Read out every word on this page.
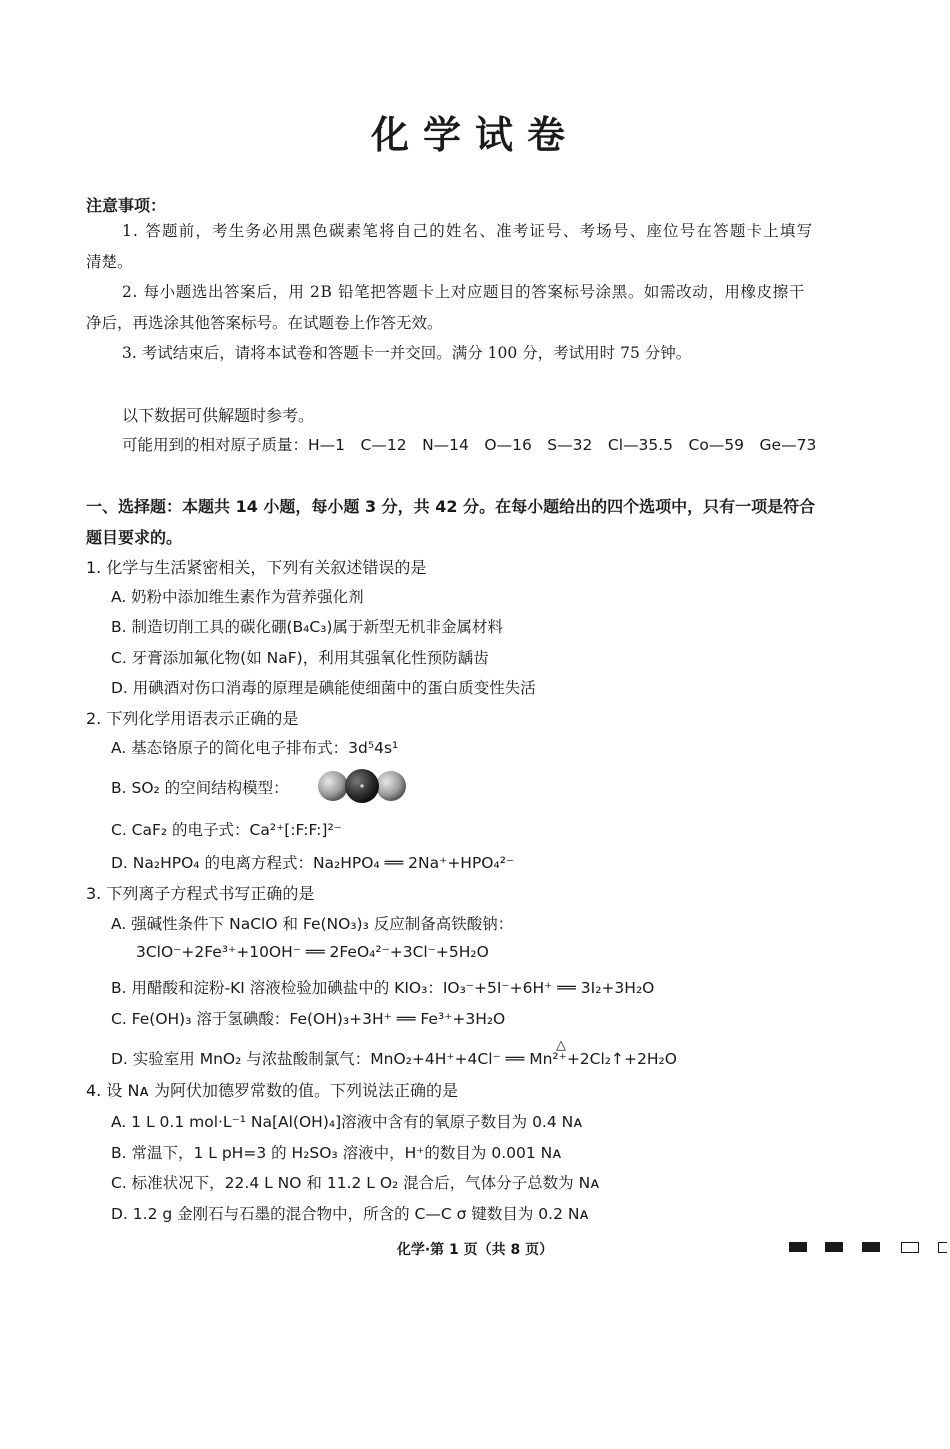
化学试卷
注意事项：
1. 答题前，考生务必用黑色碳素笔将自己的姓名、准考证号、考场号、座位号在答题卡上填写
清楚。
2. 每小题选出答案后，用 2B 铅笔把答题卡上对应题目的答案标号涂黑。如需改动，用橡皮擦干
净后，再选涂其他答案标号。在试题卷上作答无效。
3. 考试结束后，请将本试卷和答题卡一并交回。满分 100 分，考试用时 75 分钟。
以下数据可供解题时参考。
可能用到的相对原子质量：H—1　C—12　N—14　O—16　S—32　Cl—35.5　Co—59　Ge—73
一、选择题：本题共 14 小题，每小题 3 分，共 42 分。在每小题给出的四个选项中，只有一项是符合
题目要求的。
1. 化学与生活紧密相关，下列有关叙述错误的是
A. 奶粉中添加维生素作为营养强化剂
B. 制造切削工具的碳化硼(B₄C₃)属于新型无机非金属材料
C. 牙膏添加氟化物(如 NaF)，利用其强氧化性预防龋齿
D. 用碘酒对伤口消毒的原理是碘能使细菌中的蛋白质变性失活
2. 下列化学用语表示正确的是
A. 基态铬原子的简化电子排布式：3d⁵4s¹
B. SO₂ 的空间结构模型：
C. CaF₂ 的电子式：Ca²⁺[:F:F:]²⁻
D. Na₂HPO₄ 的电离方程式：Na₂HPO₄ ══ 2Na⁺+HPO₄²⁻
3. 下列离子方程式书写正确的是
A. 强碱性条件下 NaClO 和 Fe(NO₃)₃ 反应制备高铁酸钠：
3ClO⁻+2Fe³⁺+10OH⁻ ══ 2FeO₄²⁻+3Cl⁻+5H₂O
B. 用醋酸和淀粉-KI 溶液检验加碘盐中的 KIO₃：IO₃⁻+5I⁻+6H⁺ ══ 3I₂+3H₂O
C. Fe(OH)₃ 溶于氢碘酸：Fe(OH)₃+3H⁺ ══ Fe³⁺+3H₂O
△
D. 实验室用 MnO₂ 与浓盐酸制氯气：MnO₂+4H⁺+4Cl⁻ ══ Mn²⁺+2Cl₂↑+2H₂O
4. 设 Nᴀ 为阿伏加德罗常数的值。下列说法正确的是
A. 1 L 0.1 mol·L⁻¹ Na[Al(OH)₄]溶液中含有的氧原子数目为 0.4 Nᴀ
B. 常温下，1 L pH=3 的 H₂SO₃ 溶液中，H⁺的数目为 0.001 Nᴀ
C. 标准状况下，22.4 L NO 和 11.2 L O₂ 混合后，气体分子总数为 Nᴀ
D. 1.2 g 金刚石与石墨的混合物中，所含的 C—C σ 键数目为 0.2 Nᴀ
化学·第 1 页（共 8 页）
